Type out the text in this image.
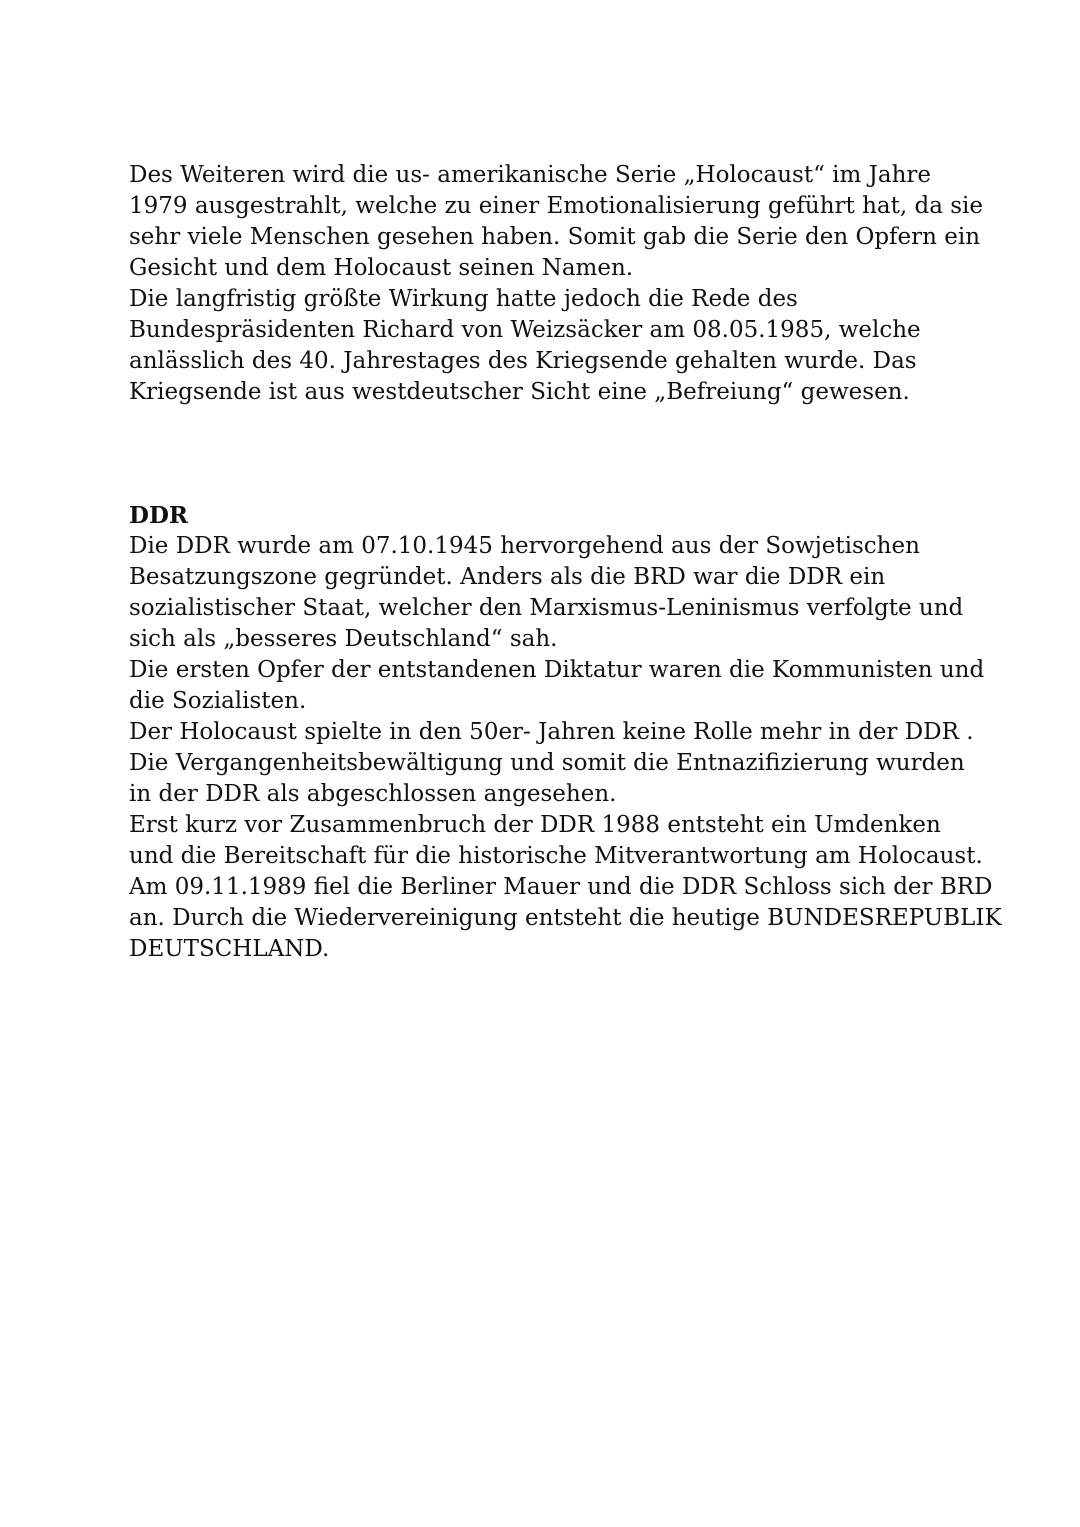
Des Weiteren wird die us- amerikanische Serie „Holocaust“ im Jahre
1979 ausgestrahlt, welche zu einer Emotionalisierung geführt hat, da sie
sehr viele Menschen gesehen haben. Somit gab die Serie den Opfern ein
Gesicht und dem Holocaust seinen Namen.
Die langfristig größte Wirkung hatte jedoch die Rede des
Bundespräsidenten Richard von Weizsäcker am 08.05.1985, welche
anlässlich des 40. Jahrestages des Kriegsende gehalten wurde. Das
Kriegsende ist aus westdeutscher Sicht eine „Befreiung“ gewesen.
DDR
Die DDR wurde am 07.10.1945 hervorgehend aus der Sowjetischen
Besatzungszone gegründet. Anders als die BRD war die DDR ein
sozialistischer Staat, welcher den Marxismus-Leninismus verfolgte und
sich als „besseres Deutschland“ sah.
Die ersten Opfer der entstandenen Diktatur waren die Kommunisten und
die Sozialisten.
Der Holocaust spielte in den 50er- Jahren keine Rolle mehr in der DDR .
Die Vergangenheitsbewältigung und somit die Entnazifizierung wurden
in der DDR als abgeschlossen angesehen.
Erst kurz vor Zusammenbruch der DDR 1988 entsteht ein Umdenken
und die Bereitschaft für die historische Mitverantwortung am Holocaust.
Am 09.11.1989 fiel die Berliner Mauer und die DDR Schloss sich der BRD
an. Durch die Wiedervereinigung entsteht die heutige BUNDESREPUBLIK
DEUTSCHLAND.
